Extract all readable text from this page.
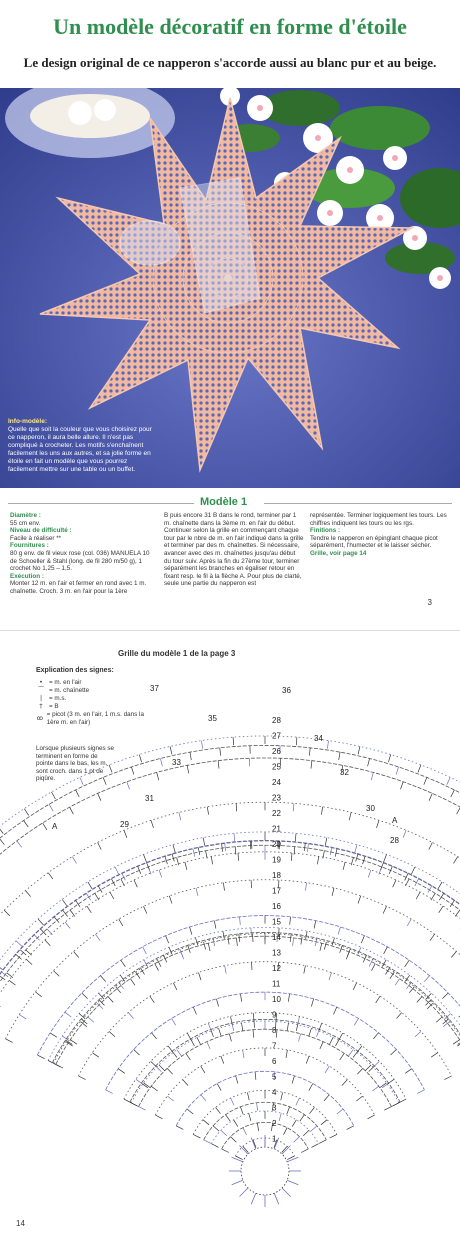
Un modèle décoratif en forme d'étoile
Le design original de ce napperon s'accorde aussi au blanc pur et au beige.
Info-modèle:
Quelle que soit la couleur que vous choisirez pour ce napperon, il aura belle allure. Il n'est pas compliqué à crocheter. Les motifs s'enchaînent facilement les uns aux autres, et sa jolie forme en étoile en fait un modèle que vous pourrez facilement mettre sur une table ou un buffet.
Modèle 1
Diamètre :
55 cm env.
Niveau de difficulté :
Facile à réaliser **
Fournitures :
80 g env. de fil vieux rose (col. 036) MANUELA 10 de Schoeller & Stahl (long. de fil 280 m/50 g), 1 crochet No 1,25 – 1,5.
Exécution :
Monter 12 m. en l'air et fermer en rond avec 1 m. chaînette. Croch. 3 m. en l'air pour la 1ère
B puis encore 31 B dans le rond, terminer par 1 m. chaînette dans la 3ème m. en l'air du début. Continuer selon la grille en commençant chaque tour par le nbre de m. en l'air indiqué dans la grille et terminer par des m. chaînettes. Si nécessaire, avancer avec des m. chaînettes jusqu'au début du tour suiv. Après la fin du 27ème tour, terminer séparément les branches en égaliser retour en fixant resp. le fil à la flèche A. Pour plus de clarté, seule une partie du napperon est
représentée. Terminer logiquement les tours. Les chiffres indiquent les tours ou les rgs.
Finitions :
Tendre le napperon en épinglant chaque picot séparément, l'humecter et le laisser sécher.
Grille, voir page 14
3
Grille du modèle 1 de la page 3
Explication des signes:
• = m. en l'air
⁀ = m. chaînette
|	= m.s.
†	= B
ꝏ
= picot (3 m. en l'air, 1 m.s. dans la 1ère m. en l'air)
Lorsque plusieurs signes se terminent en forme de pointe dans le bas, les m. sont croch. dans 1 pt de piqûre.
1
2
3
4
5
6
7
8
9
10
11
12
13
14
15
16
17
18
19
20
21
22
23
24
25
26
27
28
37	36
35
34
33
32
31
30
29
28
A
A
14
